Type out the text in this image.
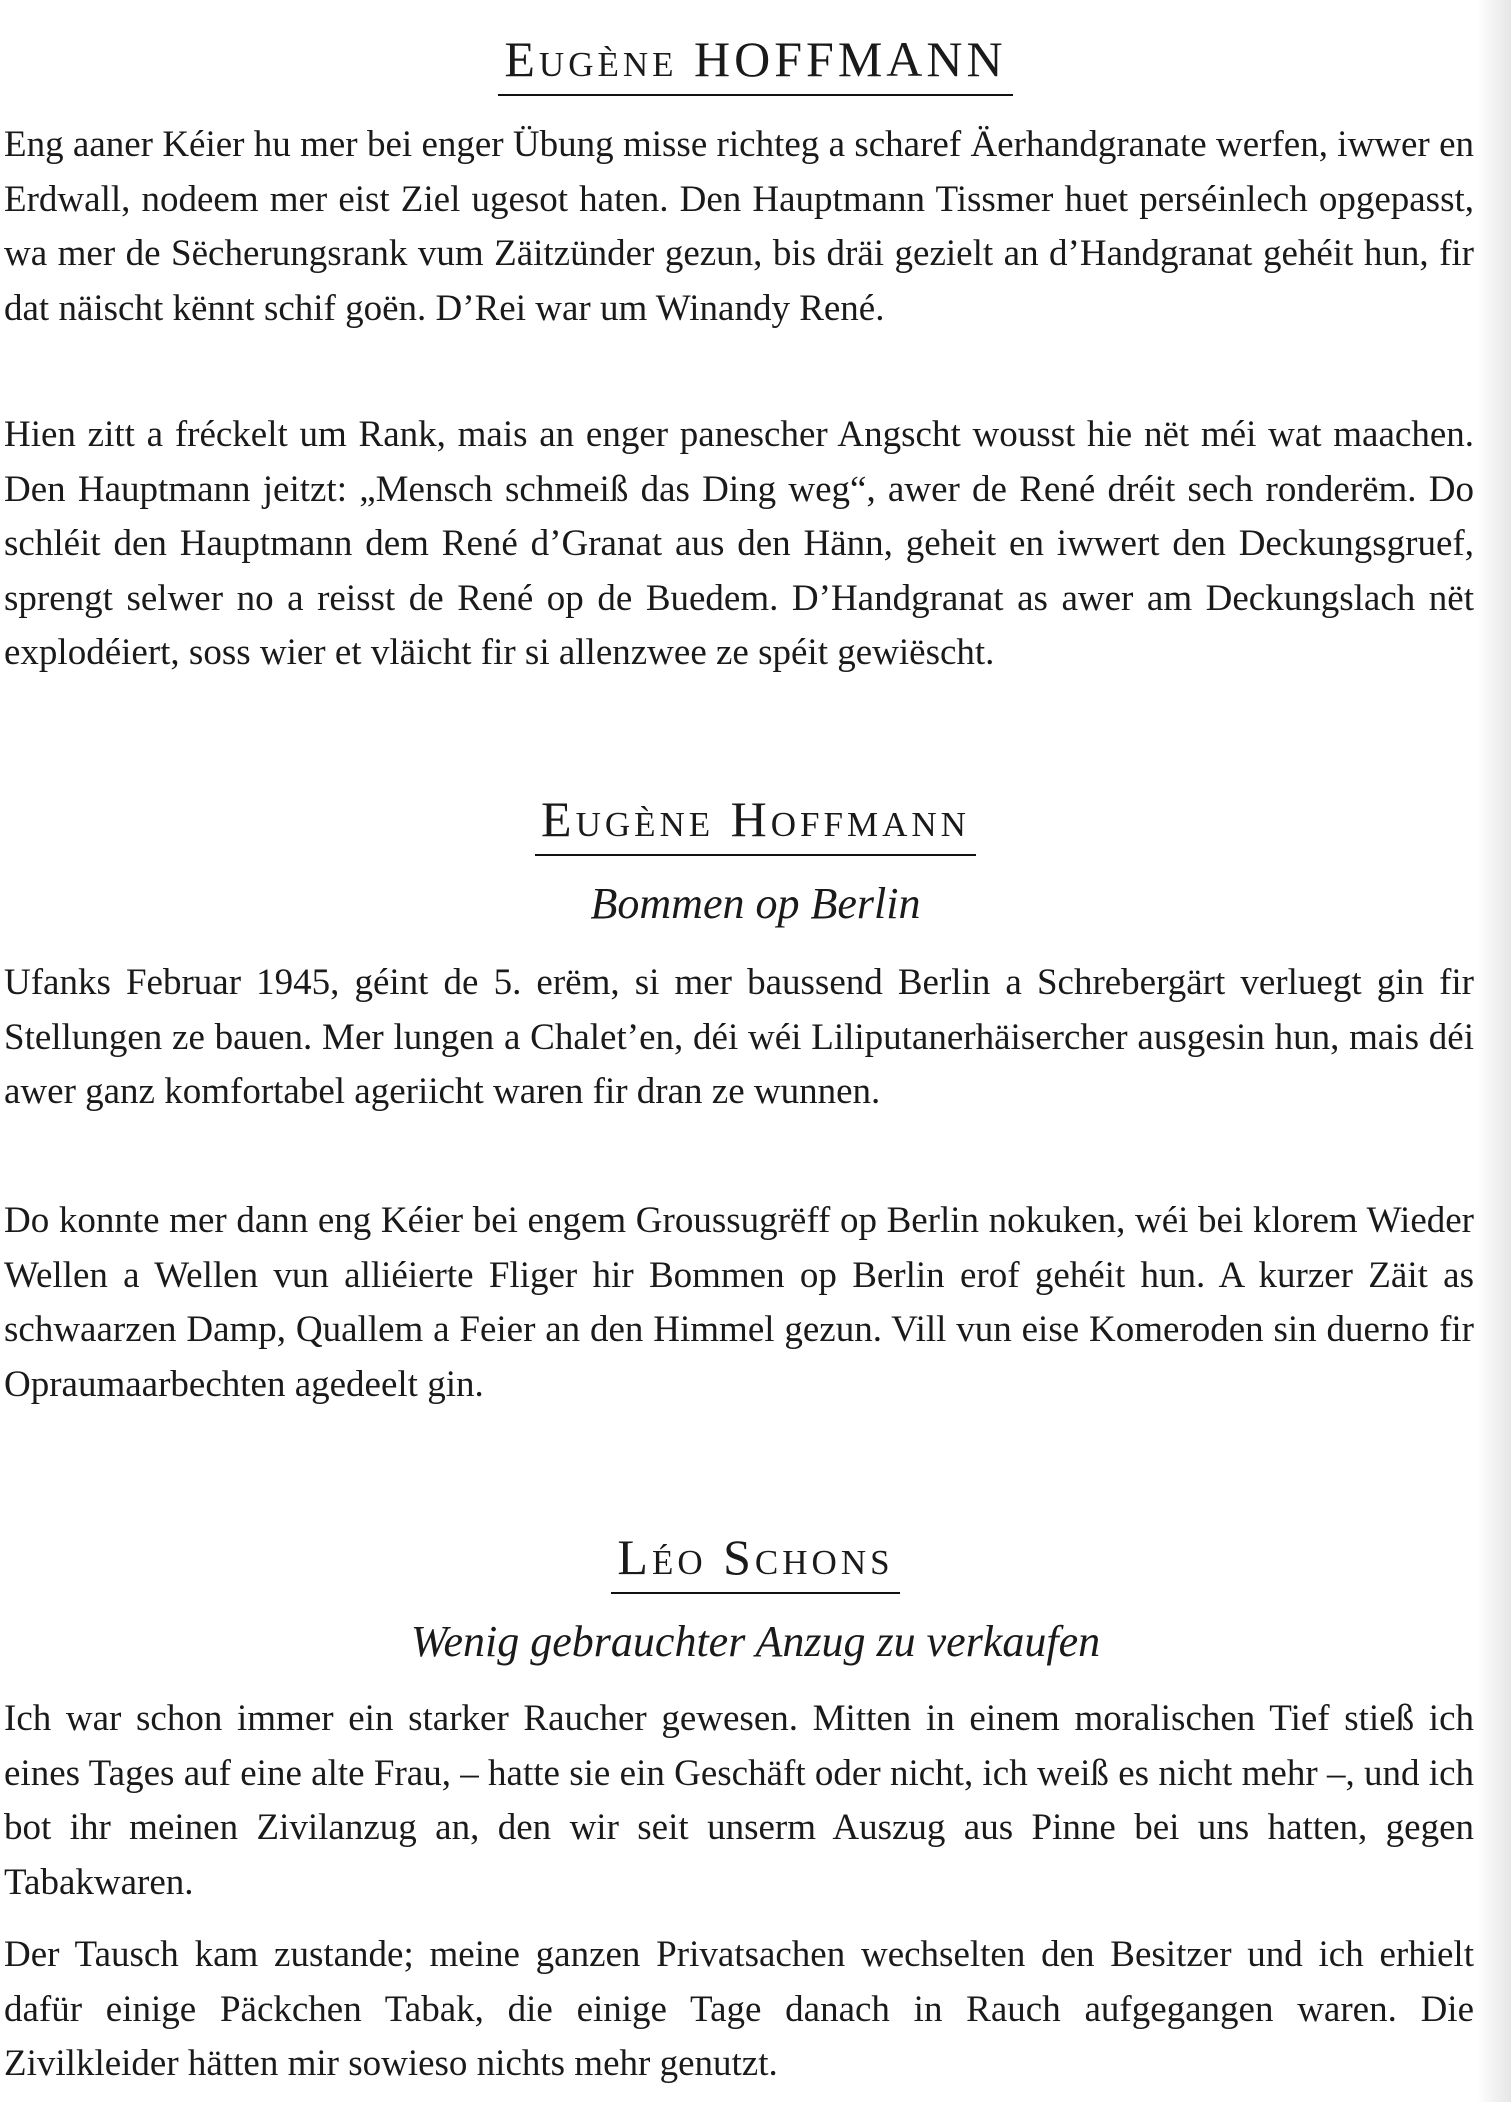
Eugène HOFFMANN
Eng aaner Kéier hu mer bei enger Übung misse richteg a scharef Äerhandgranate werfen, iwwer en Erdwall, nodeem mer eist Ziel ugesot haten. Den Hauptmann Tissmer huet perséinlech opgepasst, wa mer de Sëcherungsrank vum Zäitzünder gezun, bis dräi gezielt an d’Handgranat gehéit hun, fir dat näischt kënnt schif goën. D’Rei war um Winandy René.
Hien zitt a fréckelt um Rank, mais an enger panescher Angscht wousst hie nët méi wat maachen. Den Hauptmann jeitzt: „Mensch schmeiß das Ding weg“, awer de René dréit sech ronderëm. Do schléit den Hauptmann dem René d’Granat aus den Hänn, geheit en iwwert den Deckungsgruef, sprengt selwer no a reisst de René op de Buedem. D’Handgranat as awer am Deckungslach nët explodéiert, soss wier et vläicht fir si allenzwee ze spéit gewiëscht.
Eugène Hoffmann
Bommen op Berlin
Ufanks Februar 1945, géint de 5. erëm, si mer baussend Berlin a Schrebergärt verluegt gin fir Stellungen ze bauen. Mer lungen a Chalet’en, déi wéi Liliputanerhäisercher ausgesin hun, mais déi awer ganz komfortabel ageriicht waren fir dran ze wunnen.
Do konnte mer dann eng Kéier bei engem Groussugrëff op Berlin nokuken, wéi bei klorem Wieder Wellen a Wellen vun alliéierte Fliger hir Bommen op Berlin erof gehéit hun. A kurzer Zäit as schwaarzen Damp, Quallem a Feier an den Himmel gezun. Vill vun eise Komeroden sin duerno fir Opraumaarbechten agedeelt gin.
Léo Schons
Wenig gebrauchter Anzug zu verkaufen
Ich war schon immer ein starker Raucher gewesen. Mitten in einem moralischen Tief stieß ich eines Tages auf eine alte Frau, – hatte sie ein Geschäft oder nicht, ich weiß es nicht mehr –, und ich bot ihr meinen Zivilanzug an, den wir seit unserm Auszug aus Pinne bei uns hatten, gegen Tabakwaren.
Der Tausch kam zustande; meine ganzen Privatsachen wechselten den Besitzer und ich erhielt dafür einige Päckchen Tabak, die einige Tage danach in Rauch aufgegangen waren. Die Zivilkleider hätten mir sowieso nichts mehr genutzt.
